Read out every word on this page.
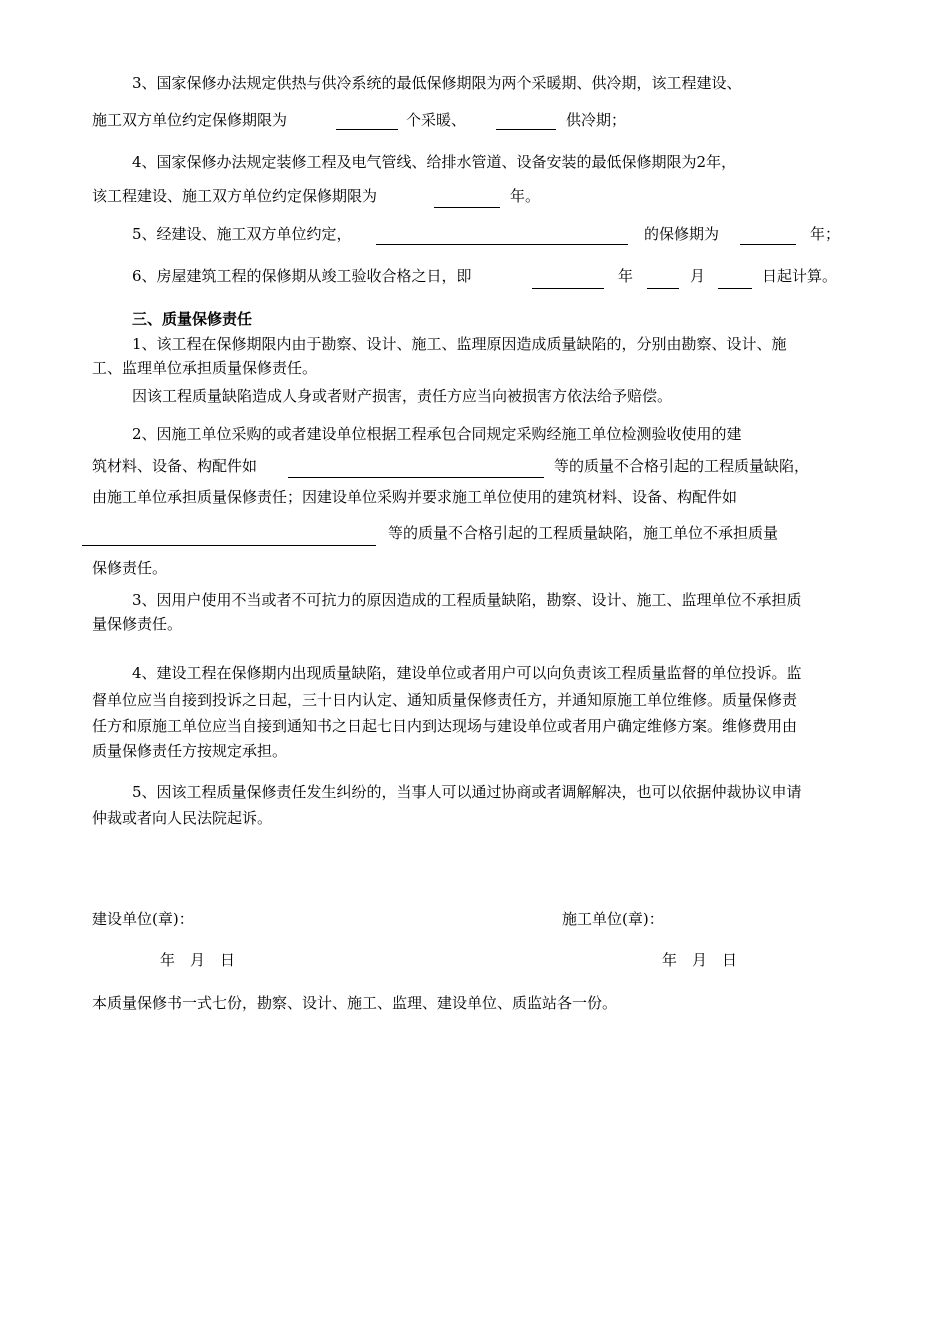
3、国家保修办法规定供热与供冷系统的最低保修期限为两个采暖期、供冷期，该工程建设、
施工双方单位约定保修期限为	个采暖、	供冷期；
4、国家保修办法规定装修工程及电气管线、给排水管道、设备安装的最低保修期限为2年，
该工程建设、施工双方单位约定保修期限为	年。
5、经建设、施工双方单位约定，	的保修期为	年；
6、房屋建筑工程的保修期从竣工验收合格之日，即	年	月	日起计算。
三、质量保修责任
1、该工程在保修期限内由于勘察、设计、施工、监理原因造成质量缺陷的，分别由勘察、设计、施
工、监理单位承担质量保修责任。
因该工程质量缺陷造成人身或者财产损害，责任方应当向被损害方依法给予赔偿。
2、因施工单位采购的或者建设单位根据工程承包合同规定采购经施工单位检测验收使用的建
筑材料、设备、构配件如	等的质量不合格引起的工程质量缺陷，
由施工单位承担质量保修责任；因建设单位采购并要求施工单位使用的建筑材料、设备、构配件如
等的质量不合格引起的工程质量缺陷，施工单位不承担质量
保修责任。
3、因用户使用不当或者不可抗力的原因造成的工程质量缺陷，勘察、设计、施工、监理单位不承担质
量保修责任。
4、建设工程在保修期内出现质量缺陷，建设单位或者用户可以向负责该工程质量监督的单位投诉。监
督单位应当自接到投诉之日起，三十日内认定、通知质量保修责任方，并通知原施工单位维修。质量保修责
任方和原施工单位应当自接到通知书之日起七日内到达现场与建设单位或者用户确定维修方案。维修费用由
质量保修责任方按规定承担。
5、因该工程质量保修责任发生纠纷的，当事人可以通过协商或者调解解决，也可以依据仲裁协议申请
仲裁或者向人民法院起诉。
建设单位(章)：	施工单位(章)：
年　月　日	年　月　日
本质量保修书一式七份，勘察、设计、施工、监理、建设单位、质监站各一份。
